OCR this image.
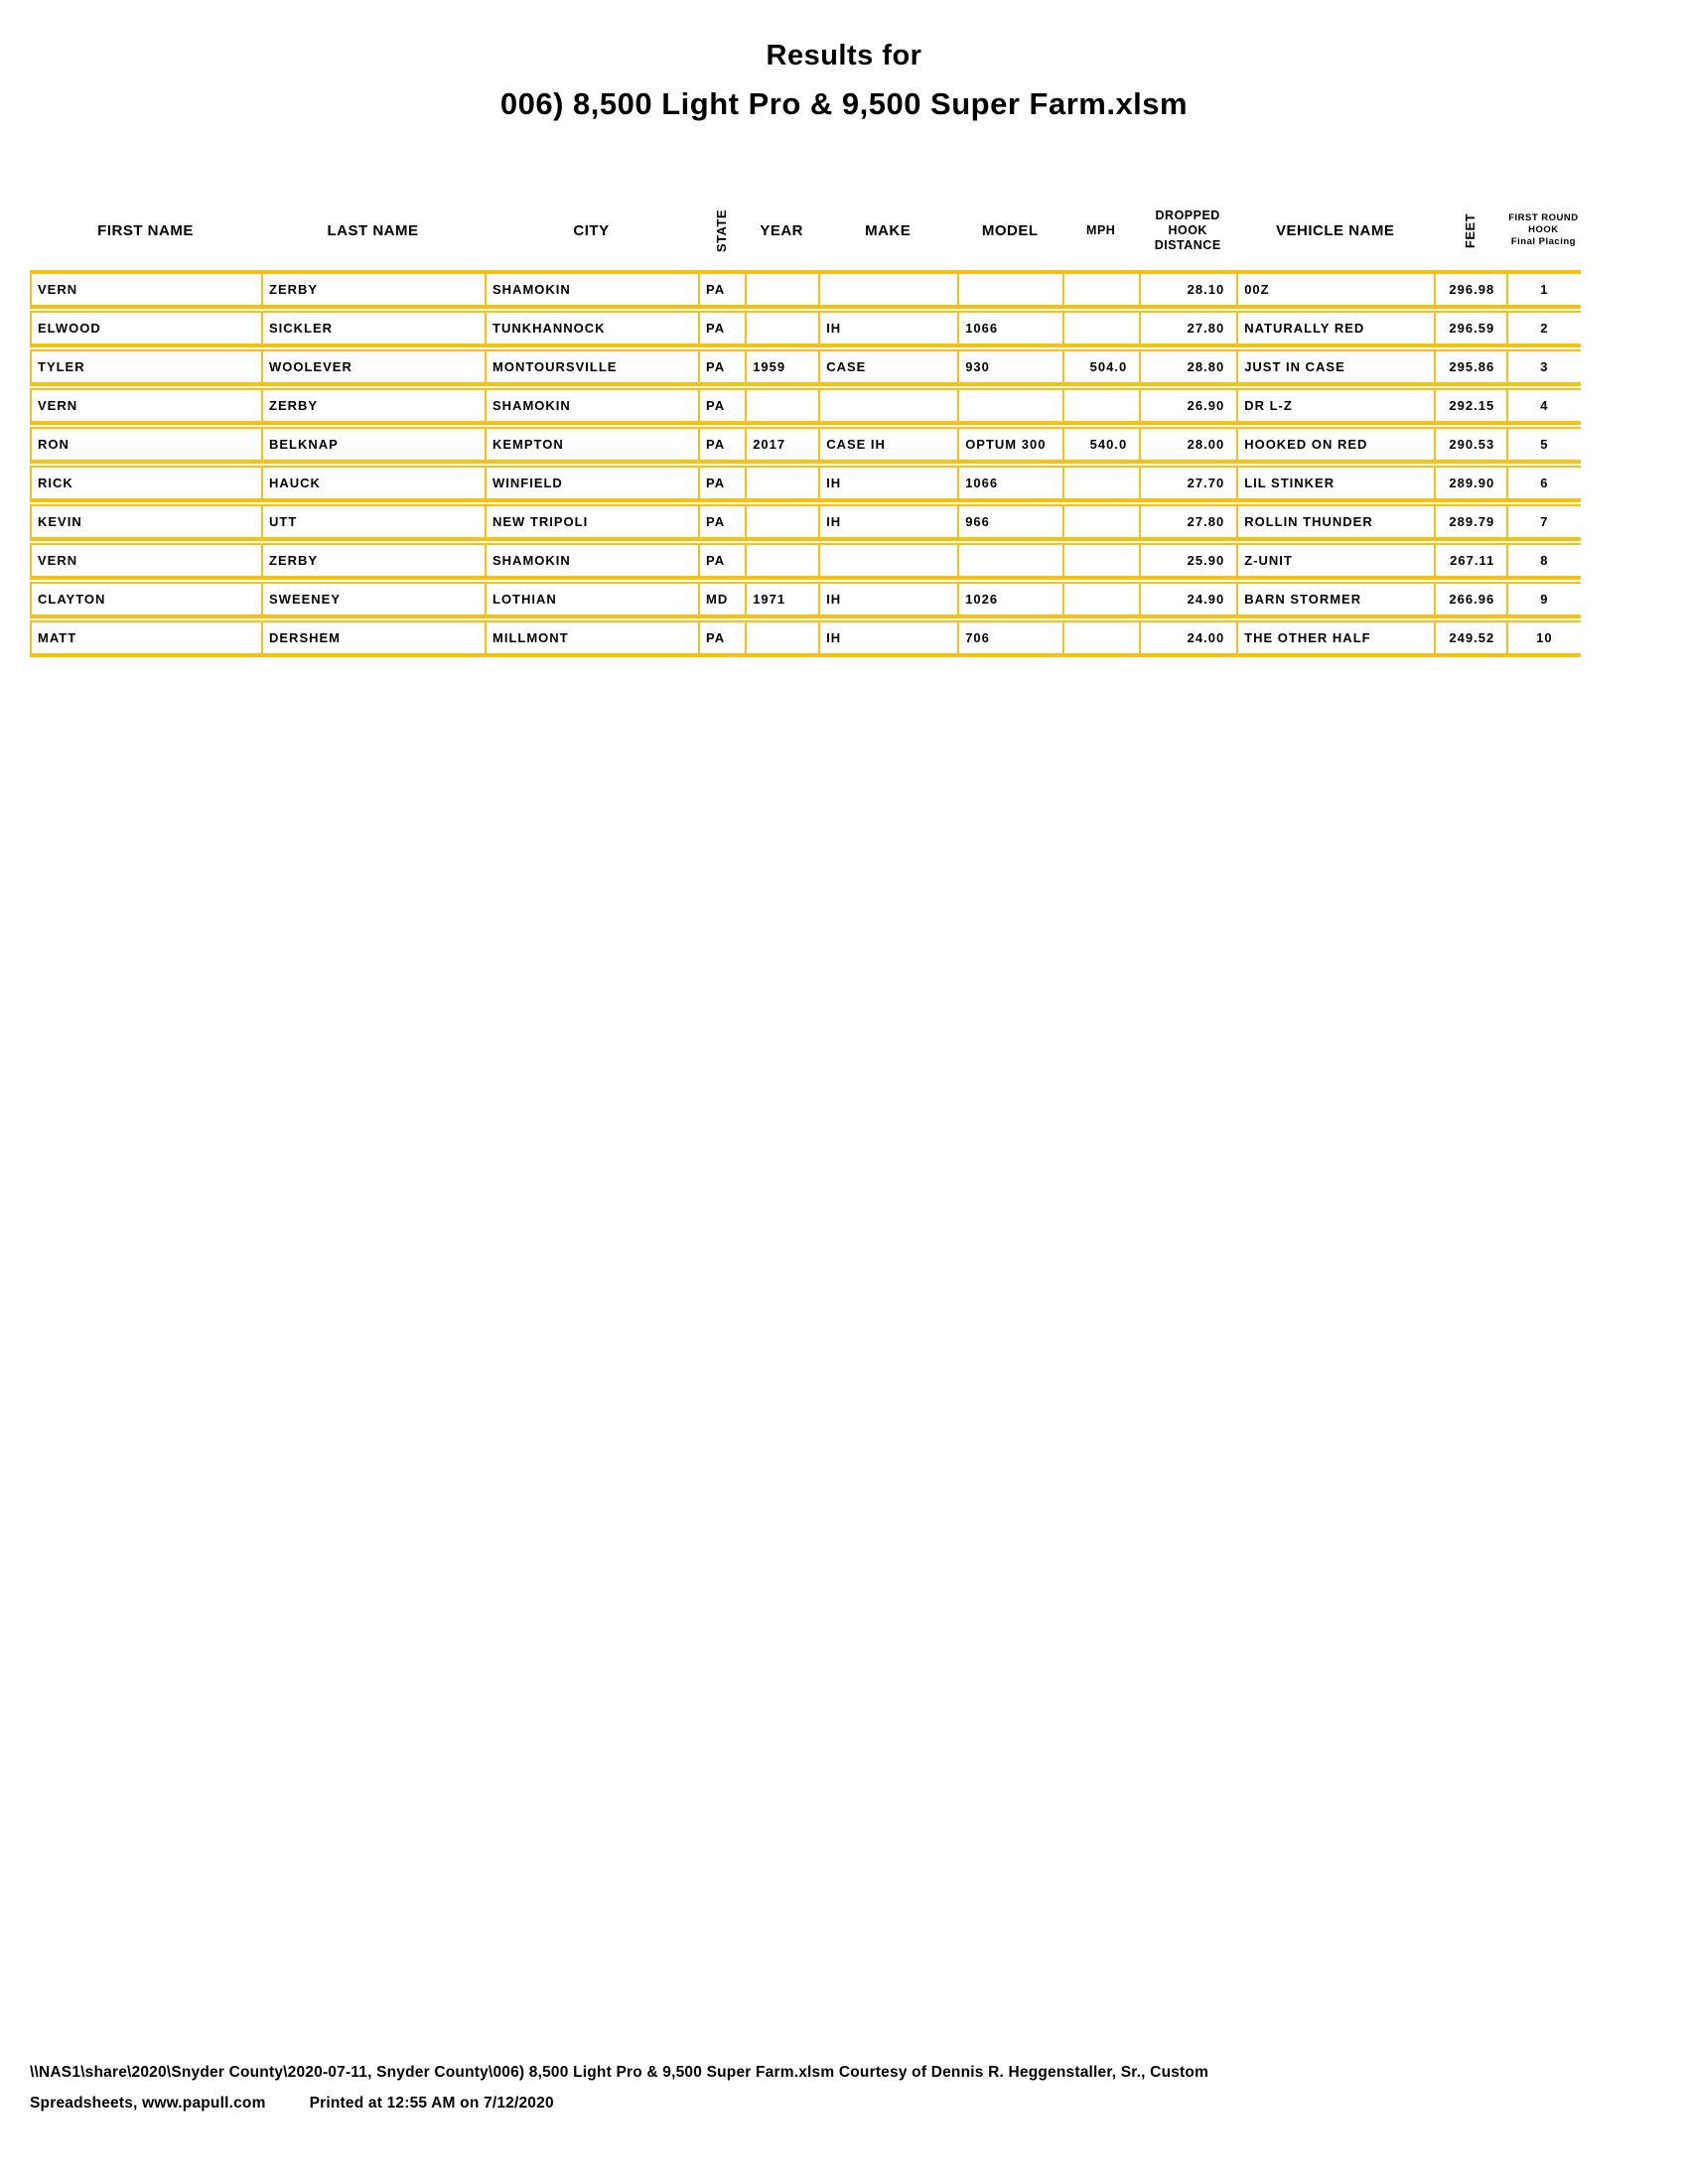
Results for
006) 8,500 Light Pro & 9,500 Super Farm.xlsm
FIRST NAME	LAST NAME	CITY	STATE	YEAR	MAKE	MODEL	MPH	
DROPPED
HOOK
DISTANCE
	VEHICLE NAME	FEET	FIRST ROUND
HOOK
Final Placing

VERN	ZERBY	SHAMOKIN	PA					28.10	00Z	296.98	1
ELWOOD	SICKLER	TUNKHANNOCK	PA		IH	1066		27.80	NATURALLY RED	296.59	2
TYLER	WOOLEVER	MONTOURSVILLE	PA	1959	CASE	930	504.0	28.80	JUST IN CASE	295.86	3
VERN	ZERBY	SHAMOKIN	PA					26.90	DR L-Z	292.15	4
RON	BELKNAP	KEMPTON	PA	2017	CASE IH	OPTUM 300	540.0	28.00	HOOKED ON RED	290.53	5
RICK	HAUCK	WINFIELD	PA		IH	1066		27.70	LIL STINKER	289.90	6
KEVIN	UTT	NEW TRIPOLI	PA		IH	966		27.80	ROLLIN THUNDER	289.79	7
VERN	ZERBY	SHAMOKIN	PA					25.90	Z-UNIT	267.11	8
CLAYTON	SWEENEY	LOTHIAN	MD	1971	IH	1026		24.90	BARN STORMER	266.96	9
MATT	DERSHEM	MILLMONT	PA		IH	706		24.00	THE OTHER HALF	249.52	10
\\NAS1\share\2020\Snyder County\2020-07-11, Snyder County\006) 8,500 Light Pro & 9,500 Super Farm.xlsm Courtesy of Dennis R. Heggenstaller, Sr., Custom
Spreadsheets, www.papull.com	Printed at 12:55 AM on 7/12/2020
